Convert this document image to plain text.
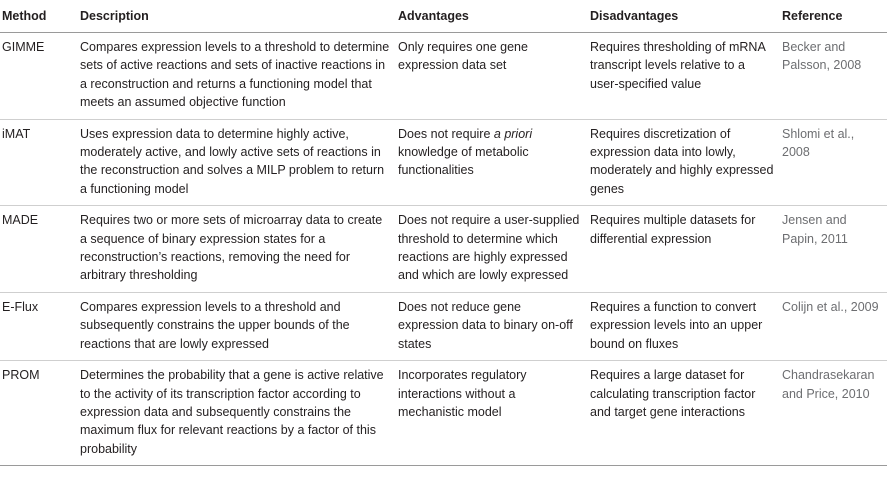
Method	Description	Advantages	Disadvantages	Reference
GIMME	Compares expression levels to a threshold to determine sets of active reactions and sets of inactive reactions in a reconstruction and returns a functioning model that meets an assumed objective function	Only requires one gene expression data set	Requires thresholding of mRNA transcript levels relative to a user-specified value	Becker and Palsson, 2008
iMAT	Uses expression data to determine highly active, moderately active, and lowly active sets of reactions in the reconstruction and solves a MILP problem to return a functioning model	Does not require a priori knowledge of metabolic functionalities	Requires discretization of expression data into lowly, moderately and highly expressed genes	Shlomi et al., 2008
MADE	Requires two or more sets of microarray data to create a sequence of binary expression states for a reconstruction’s reactions, removing the need for arbitrary thresholding	Does not require a user-supplied threshold to determine which reactions are highly expressed and which are lowly expressed	Requires multiple datasets for differential expression	Jensen and Papin, 2011
E-Flux	Compares expression levels to a threshold and subsequently constrains the upper bounds of the reactions that are lowly expressed	Does not reduce gene expression data to binary on-off states	Requires a function to convert expression levels into an upper bound on fluxes	Colijn et al., 2009
PROM	Determines the probability that a gene is active relative to the activity of its transcription factor according to expression data and subsequently constrains the maximum flux for relevant reactions by a factor of this probability	Incorporates regulatory interactions without a mechanistic model	Requires a large dataset for calculating transcription factor and target gene interactions	Chandrasekaran and Price, 2010
